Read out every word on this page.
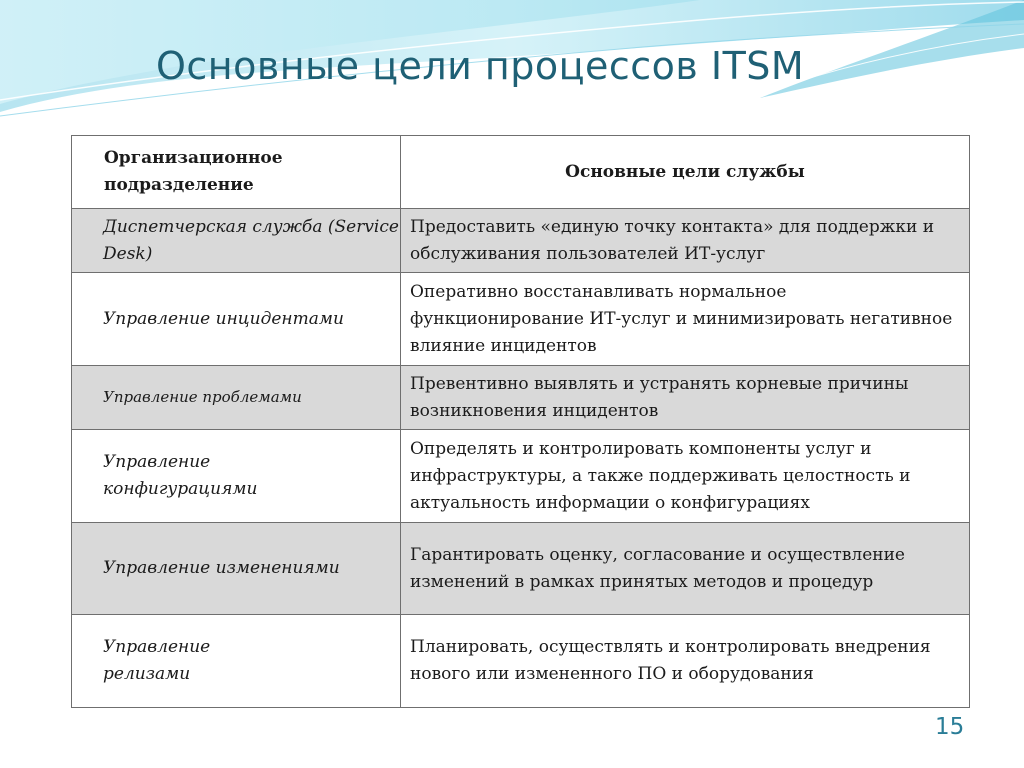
Основные цели процессов ITSM
Организационное подразделение	Основные цели службы
Диспетчерская служба (Service Desk)	Предоставить «единую точку контакта» для поддержки и обслуживания пользователей ИТ-услуг
Управление инцидентами	Оперативно восстанавливать нормальное функционирование ИТ-услуг и минимизировать негативное влияние инцидентов
Управление проблемами	Превентивно выявлять и устранять корневые причины возникновения инцидентов
Управление конфигурациями	Определять и контролировать компоненты услуг и инфраструктуры, а также поддерживать целостность и актуальность информации о конфигурациях
Управление изменениями	Гарантировать оценку, согласование и осуществление изменений в рамках принятых методов и процедур
Управление релизами	Планировать, осуществлять и контролировать внедрения нового или измененного ПО и оборудования
15
